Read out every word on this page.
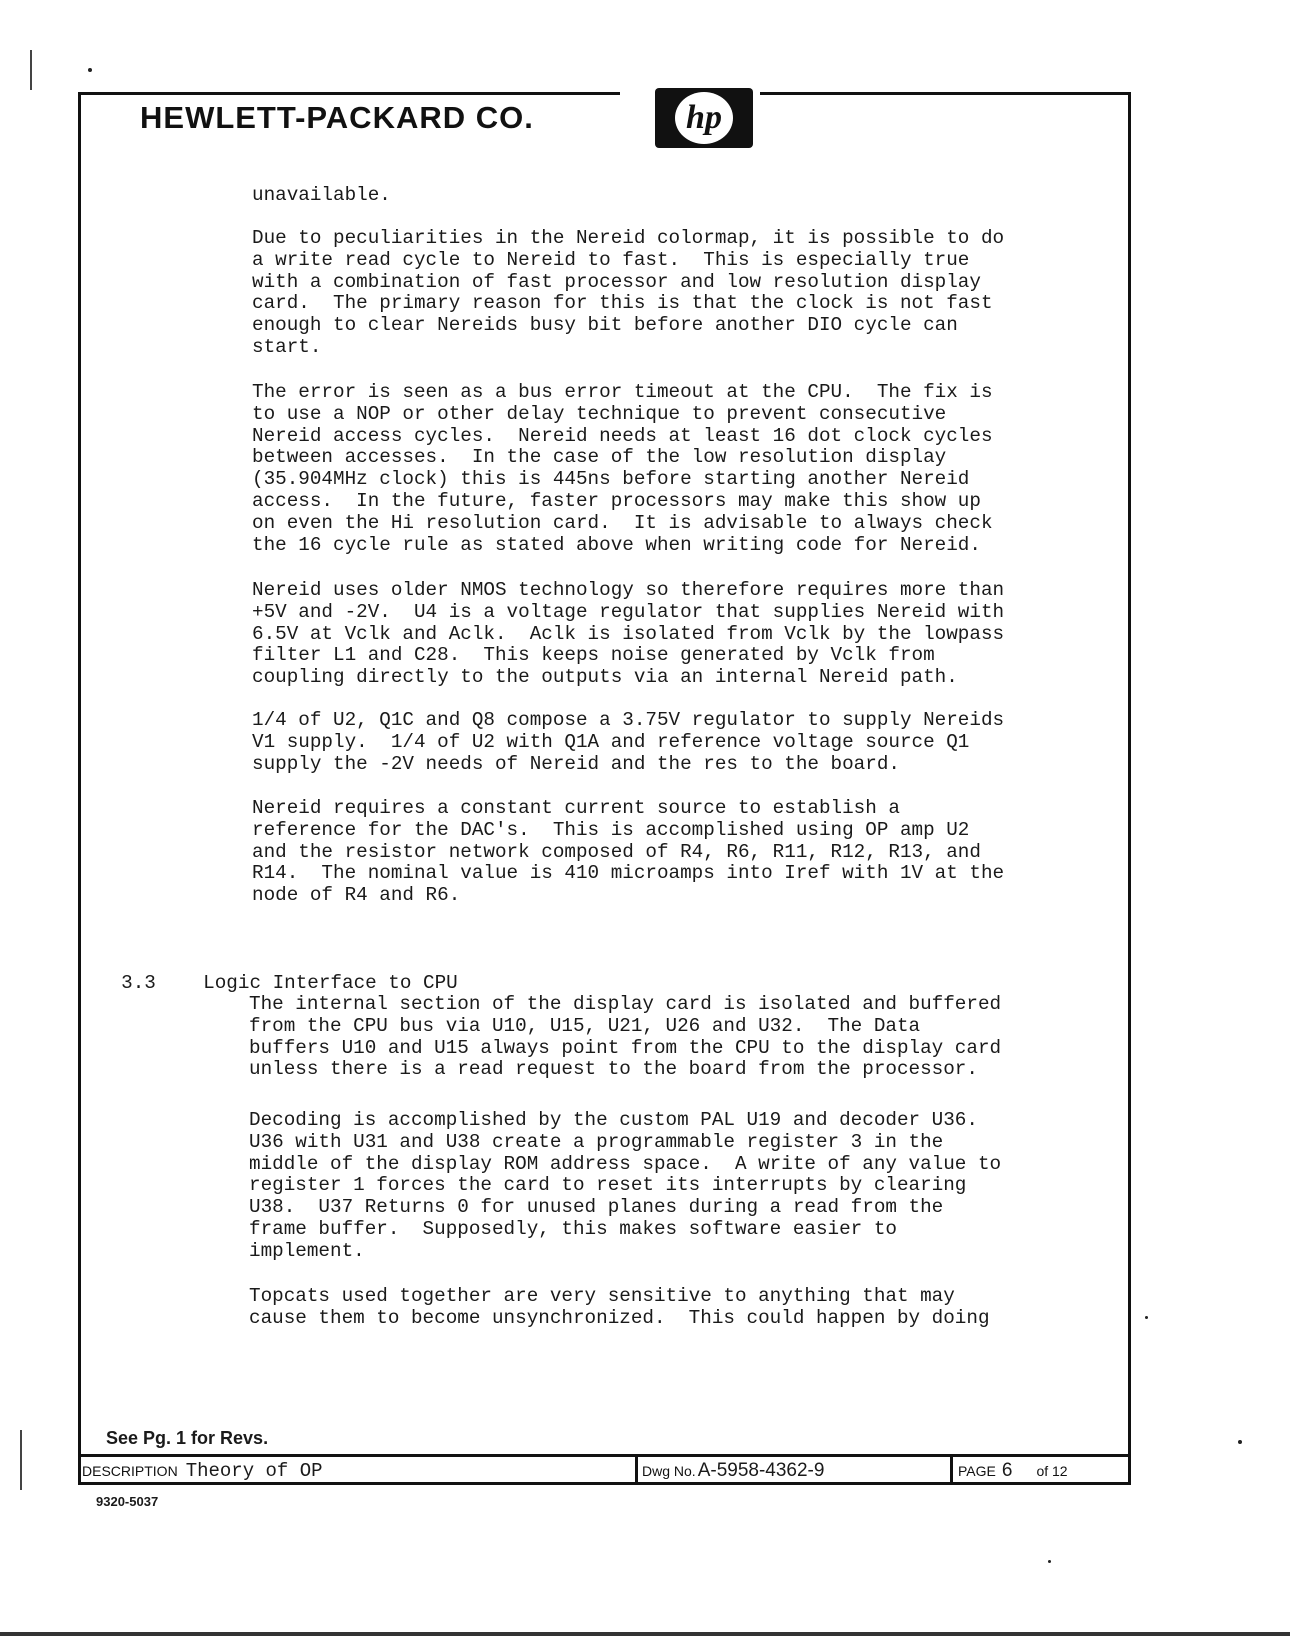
HEWLETT-PACKARD CO.	hp
unavailable.
Due to peculiarities in the Nereid colormap, it is possible to do
a write read cycle to Nereid to fast.  This is especially true
with a combination of fast processor and low resolution display
card.  The primary reason for this is that the clock is not fast
enough to clear Nereids busy bit before another DIO cycle can
start.
The error is seen as a bus error timeout at the CPU.  The fix is
to use a NOP or other delay technique to prevent consecutive
Nereid access cycles.  Nereid needs at least 16 dot clock cycles
between accesses.  In the case of the low resolution display
(35.904MHz clock) this is 445ns before starting another Nereid
access.  In the future, faster processors may make this show up
on even the Hi resolution card.  It is advisable to always check
the 16 cycle rule as stated above when writing code for Nereid.
Nereid uses older NMOS technology so therefore requires more than
+5V and -2V.  U4 is a voltage regulator that supplies Nereid with
6.5V at Vclk and Aclk.  Aclk is isolated from Vclk by the lowpass
filter L1 and C28.  This keeps noise generated by Vclk from
coupling directly to the outputs via an internal Nereid path.
1/4 of U2, Q1C and Q8 compose a 3.75V regulator to supply Nereids
V1 supply.  1/4 of U2 with Q1A and reference voltage source Q1
supply the -2V needs of Nereid and the res to the board.
Nereid requires a constant current source to establish a
reference for the DAC's.  This is accomplished using OP amp U2
and the resistor network composed of R4, R6, R11, R12, R13, and
R14.  The nominal value is 410 microamps into Iref with 1V at the
node of R4 and R6.

3.3 Logic Interface to CPU

The internal section of the display card is isolated and buffered
from the CPU bus via U10, U15, U21, U26 and U32.  The Data
buffers U10 and U15 always point from the CPU to the display card
unless there is a read request to the board from the processor.
Decoding is accomplished by the custom PAL U19 and decoder U36.
U36 with U31 and U38 create a programmable register 3 in the
middle of the display ROM address space.  A write of any value to
register 1 forces the card to reset its interrupts by clearing
U38.  U37 Returns 0 for unused planes during a read from the
frame buffer.  Supposedly, this makes software easier to
implement.
Topcats used together are very sensitive to anything that may
cause them to become unsynchronized.  This could happen by doing
See Pg. 1 for Revs.
DESCRIPTION Theory of OP	Dwg No. A-5958-4362-9	PAGE 6 of 12
9320-5037
